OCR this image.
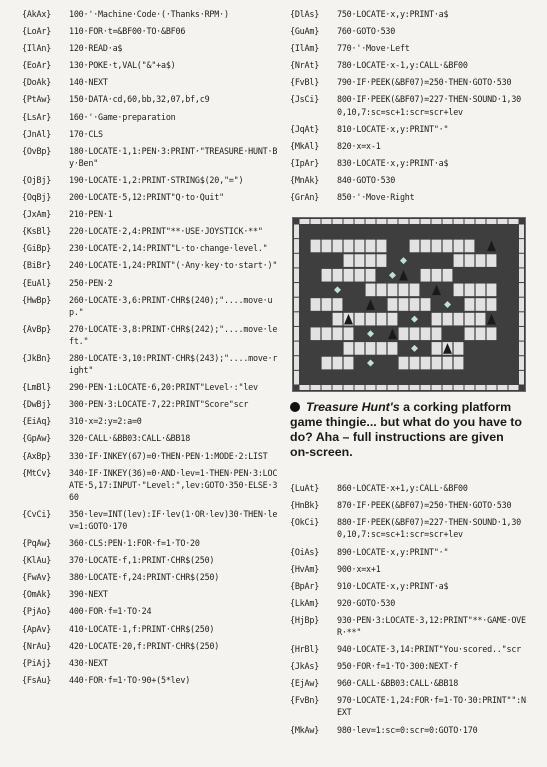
{AkAx}	100·'·Machine·Code·(·Thanks·RPM·)
{LoAr}	110·FOR·t=&BF00·TO·&BF06
{IlAn}	120·READ·a$
{EoAr}	130·POKE·t,VAL("&"+a$)
{DoAk}	140·NEXT
{PtAw}	150·DATA·cd,60,bb,32,07,bf,c9
{LsAr}	160·'·Game·preparation
{JnAl}	170·CLS
{OvBp}	180·LOCATE·1,1:PEN·3:PRINT·"TREASURE·HUNT·By·Ben"
{OjBj}	190·LOCATE·1,2:PRINT·STRING$(20,"=")
{OqBj}	200·LOCATE·5,12:PRINT"Q·to·Quit"
{JxAm}	210·PEN·1
{KsBl}	220·LOCATE·2,4:PRINT"**·USE·JOYSTICK·**"
{GiBp}	230·LOCATE·2,14:PRINT"L·to·change·level."
{BiBr}	240·LOCATE·1,24:PRINT"(·Any·key·to·start·)"
{EuAl}	250·PEN·2
{HwBp}	260·LOCATE·3,6:PRINT·CHR$(240);"....move·up."
{AvBp}	270·LOCATE·3,8:PRINT·CHR$(242);"....move·left."
{JkBn}	280·LOCATE·3,10:PRINT·CHR$(243);"....move·right"
{LmBl}	290·PEN·1:LOCATE·6,20:PRINT"Level·:"lev
{DwBj}	300·PEN·3:LOCATE·7,22:PRINT"Score"scr
{EiAq}	310·x=2:y=2:a=0
{GpAw}	320·CALL·&BB03:CALL·&BB18
{AxBp}	330·IF·INKEY(67)=0·THEN·PEN·1:MODE·2:LIST
{MtCv}	340·IF·INKEY(36)=0·AND·lev=1·THEN·PEN·3:LOCATE·5,17:INPUT·"Level:",lev:GOTO·350·ELSE·360
{CvCi}	350·lev=INT(lev):IF·lev(1·OR·lev)30·THEN·lev=1:GOTO·170
{PqAw}	360·CLS:PEN·1:FOR·f=1·TO·20
{KlAu}	370·LOCATE·f,1:PRINT·CHR$(250)
{FwAv}	380·LOCATE·f,24:PRINT·CHR$(250)
{OmAk}	390·NEXT
{PjAo}	400·FOR·f=1·TO·24
{ApAv}	410·LOCATE·1,f:PRINT·CHR$(250)
{NrAu}	420·LOCATE·20,f:PRINT·CHR$(250)
{PiAj}	430·NEXT
{FsAu}	440·FOR·f=1·TO·90+(5*lev)
{DlAs}	750·LOCATE·x,y:PRINT·a$
{GuAm}	760·GOTO·530
{IlAm}	770·'·Move·Left
{NrAt}	780·LOCATE·x-1,y:CALL·&BF00
{FvBl}	790·IF·PEEK(&BF07)=250·THEN·GOTO·530
{JsCi}	800·IF·PEEK(&BF07)=227·THEN·SOUND·1,30 0,10,7:sc=sc+1:scr=scr+lev
{JqAt}	810·LOCATE·x,y:PRINT"·"
{MkAl}	820·x=x-1
{IpAr}	830·LOCATE·x,y:PRINT·a$
{MnAk}	840·GOTO·530
{GrAn}	850·'·Move·Right
Treasure Hunt's a corking platform game thingie... but what do you have to do? Aha – full instructions are given on-screen.
{LuAt}	860·LOCATE·x+1,y:CALL·&BF00
{HnBk}	870·IF·PEEK(&BF07)=250·THEN·GOTO·530
{OkCi}	880·IF·PEEK(&BF07)=227·THEN·SOUND·1,30 0,10,7:sc=sc+1:scr=scr+lev
{OiAs}	890·LOCATE·x,y:PRINT"·"
{HvAm}	900·x=x+1
{BpAr}	910·LOCATE·x,y:PRINT·a$
{LkAm}	920·GOTO·530
{HjBp}	930·PEN·3:LOCATE·3,12:PRINT"**·GAME·OVER·**"
{HrBl}	940·LOCATE·3,14:PRINT"You·scored.."scr
{JkAs}	950·FOR·f=1·TO·300:NEXT·f
{EjAw}	960·CALL·&BB03:CALL·&BB18
{FvBn}	970·LOCATE·1,24:FOR·f=1·TO·30:PRINT"":NEXT
{MkAw}	980·lev=1:sc=0:scr=0:GOTO·170
